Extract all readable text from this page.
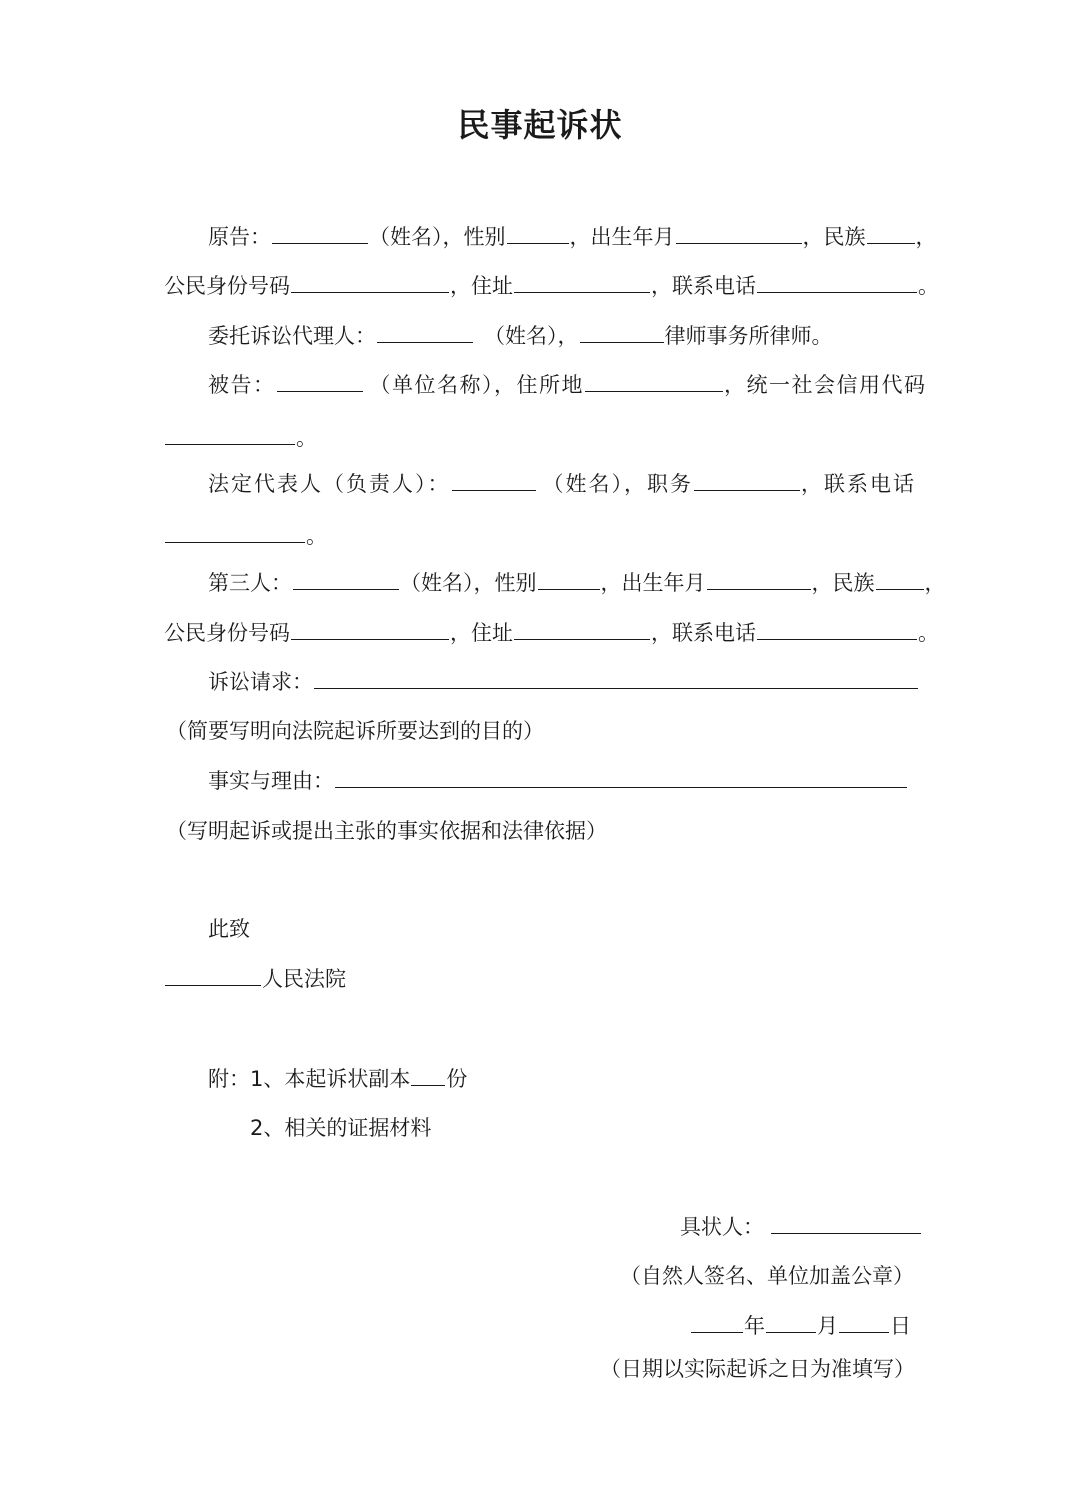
民事起诉状
原告：	（姓名），性别	，出生年月	，民族 ，
公民身份号码	，住址	，联系电话	。
委托诉讼代理人：	（姓名），	律师事务所律师。
被告：	（单位名称），住所地	，统一社会信用代码
。
法定代表人（负责人）：	（姓名），职务	，联系电话
。
第三人：	（姓名），性别	，出生年月	，民族 ，
公民身份号码	，住址	，联系电话	。
诉讼请求：
（简要写明向法院起诉所要达到的目的）
事实与理由：
（写明起诉或提出主张的事实依据和法律依据）
此致
人民法院
附：1、本起诉状副本 份
2、相关的证据材料
具状人：
（自然人签名、单位加盖公章）
年 月 日
（日期以实际起诉之日为准填写）
